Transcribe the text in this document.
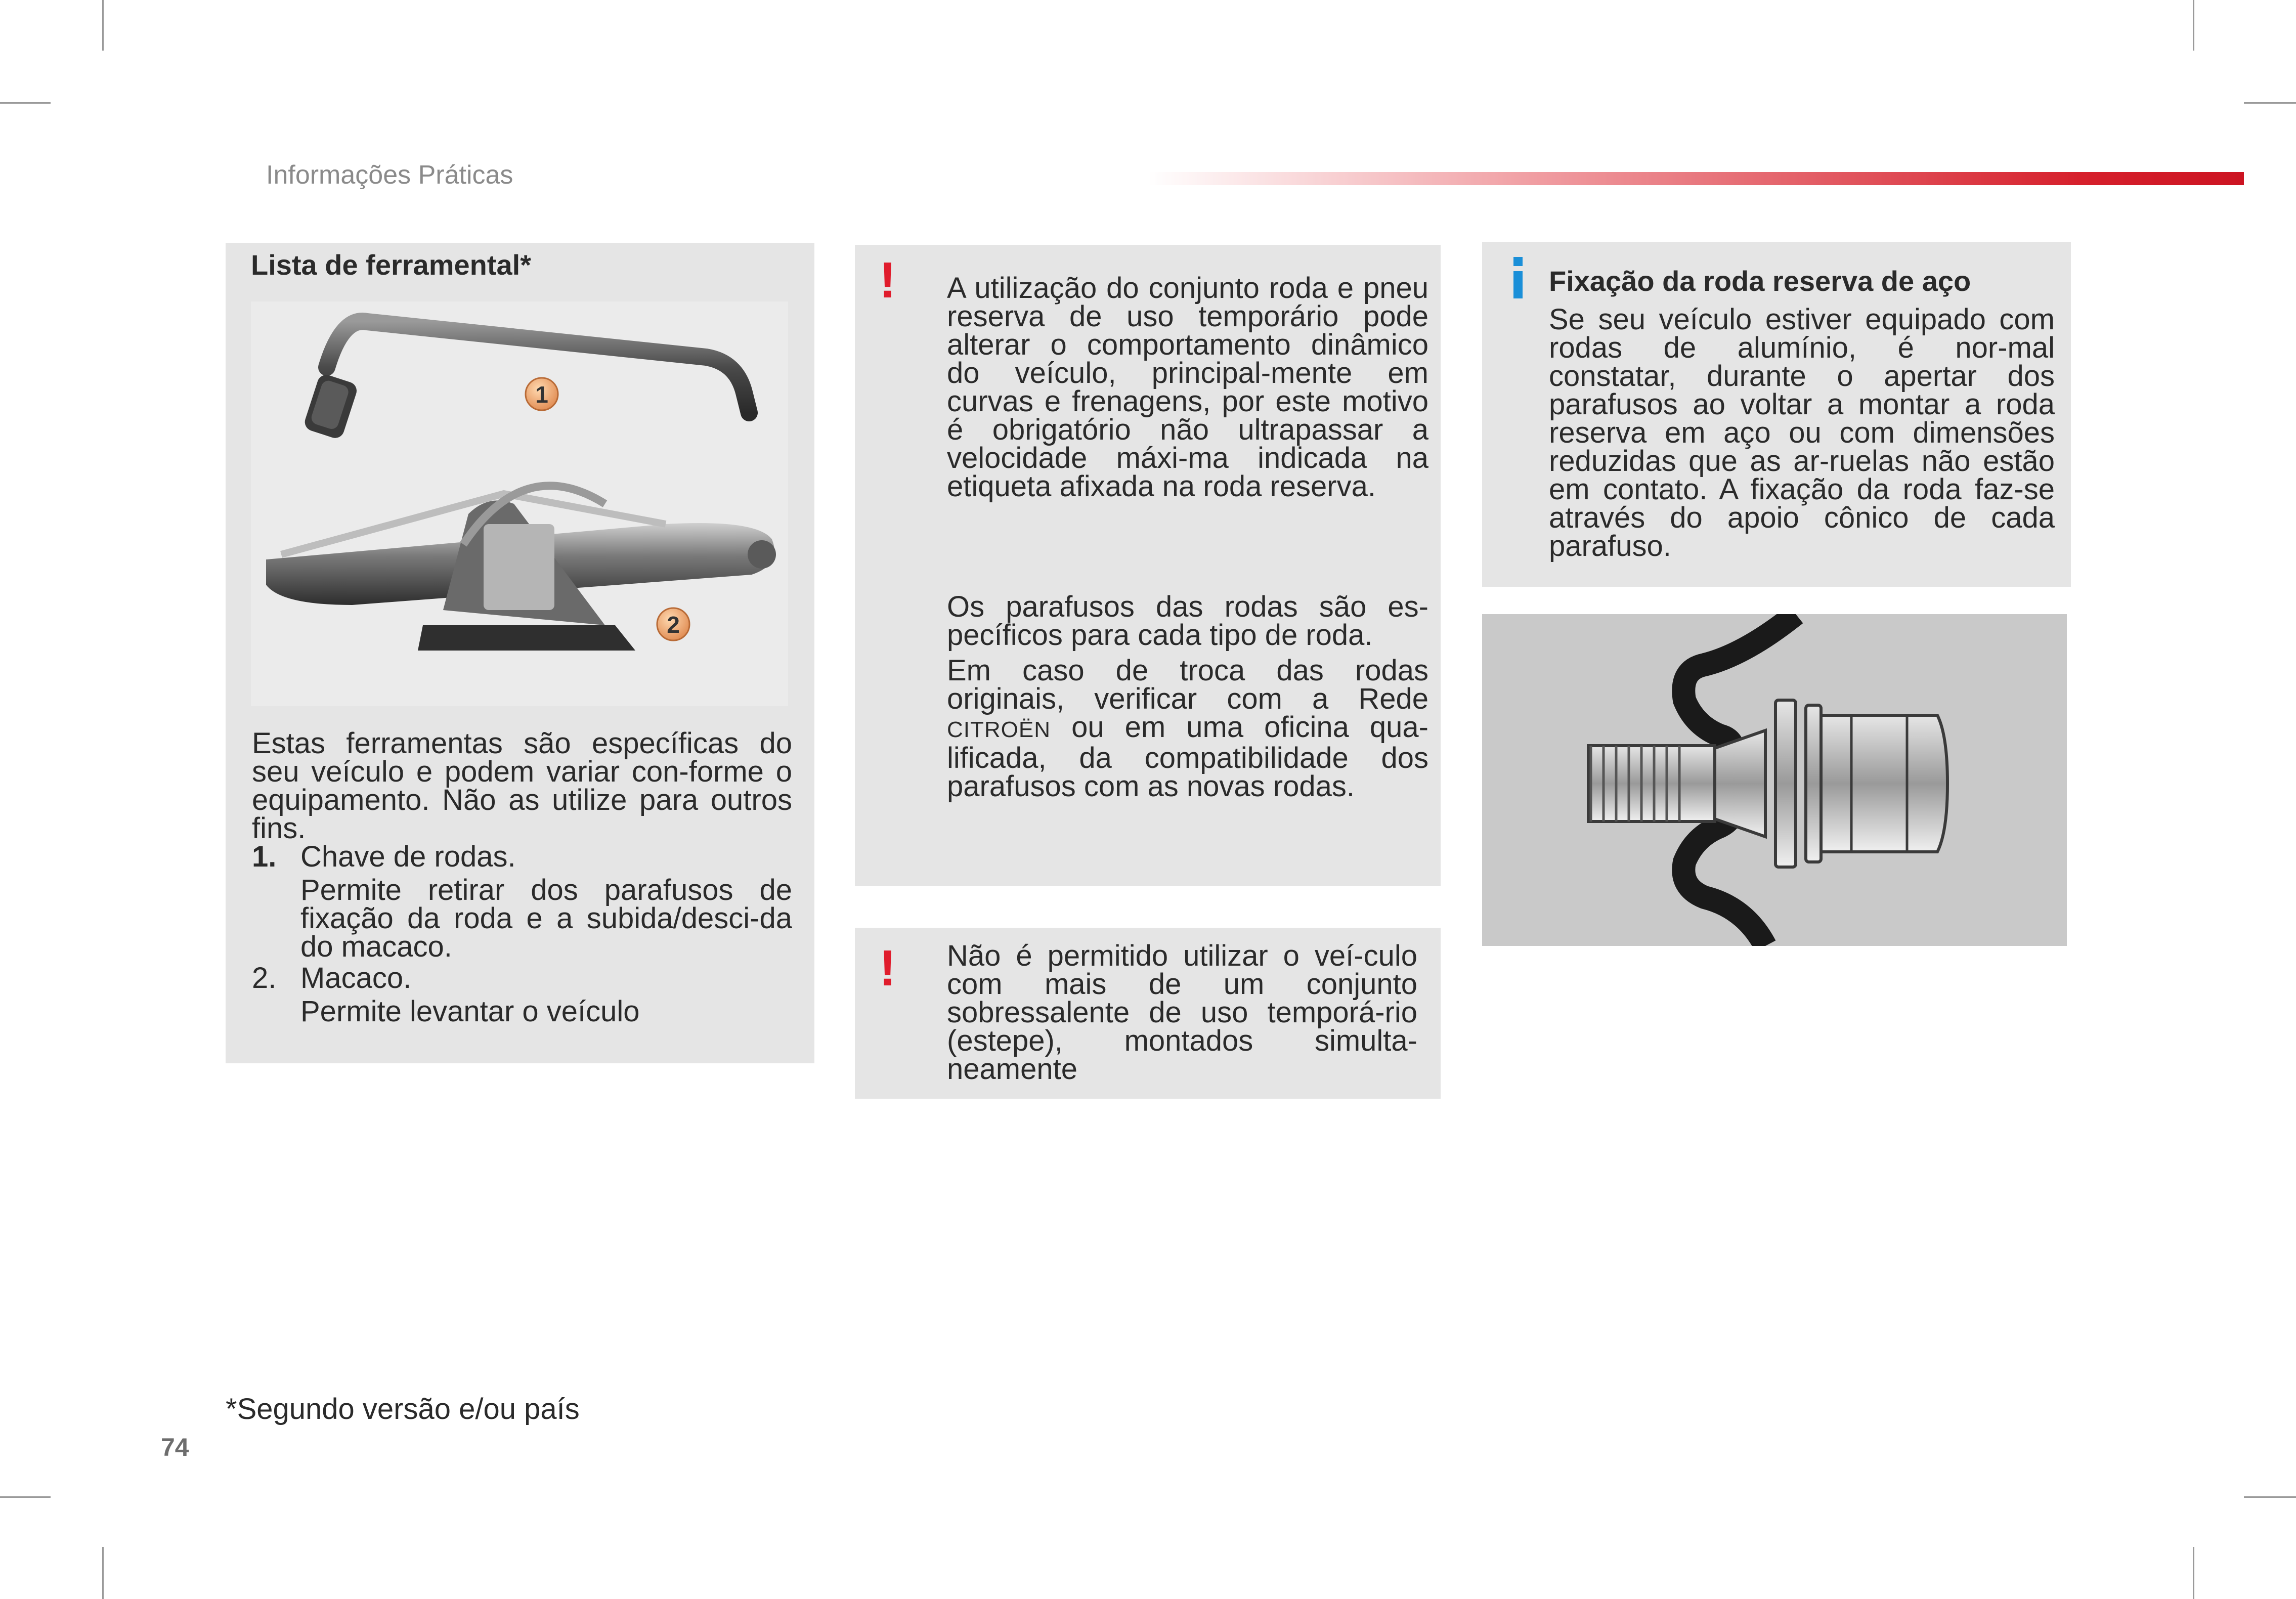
Informações Práticas
Lista de ferramental*
1
2
Estas ferramentas são específicas do seu veículo e podem variar con-forme o equipamento. Não as utilize para outros fins.
1. Chave de rodas.
Permite retirar dos parafusos de fixação da roda e a subida/desci-da do macaco.
2. Macaco.
Permite levantar o veículo
! A utilização do conjunto roda e pneu reserva de uso temporário pode alterar o comportamento dinâmico do veículo, principal-mente em curvas e frenagens, por este motivo é obrigatório não ultrapassar a velocidade máxi-ma indicada na etiqueta afixada na roda reserva.
Os parafusos das rodas são es-pecíficos para cada tipo de roda.
Em caso de troca das rodas originais, verificar com a Rede CITROËN ou em uma oficina qua-lificada, da compatibilidade dos parafusos com as novas rodas.
! Não é permitido utilizar o veí-culo com mais de um conjunto sobressalente de uso temporá-rio (estepe), montados simulta-neamente
Fixação da roda reserva de aço
Se seu veículo estiver equipado com rodas de alumínio, é nor-mal constatar, durante o apertar dos parafusos ao voltar a montar a roda reserva em aço ou com dimensões reduzidas que as ar-ruelas não estão em contato. A fixação da roda faz-se através do apoio cônico de cada parafuso.
*Segundo versão e/ou país
74
